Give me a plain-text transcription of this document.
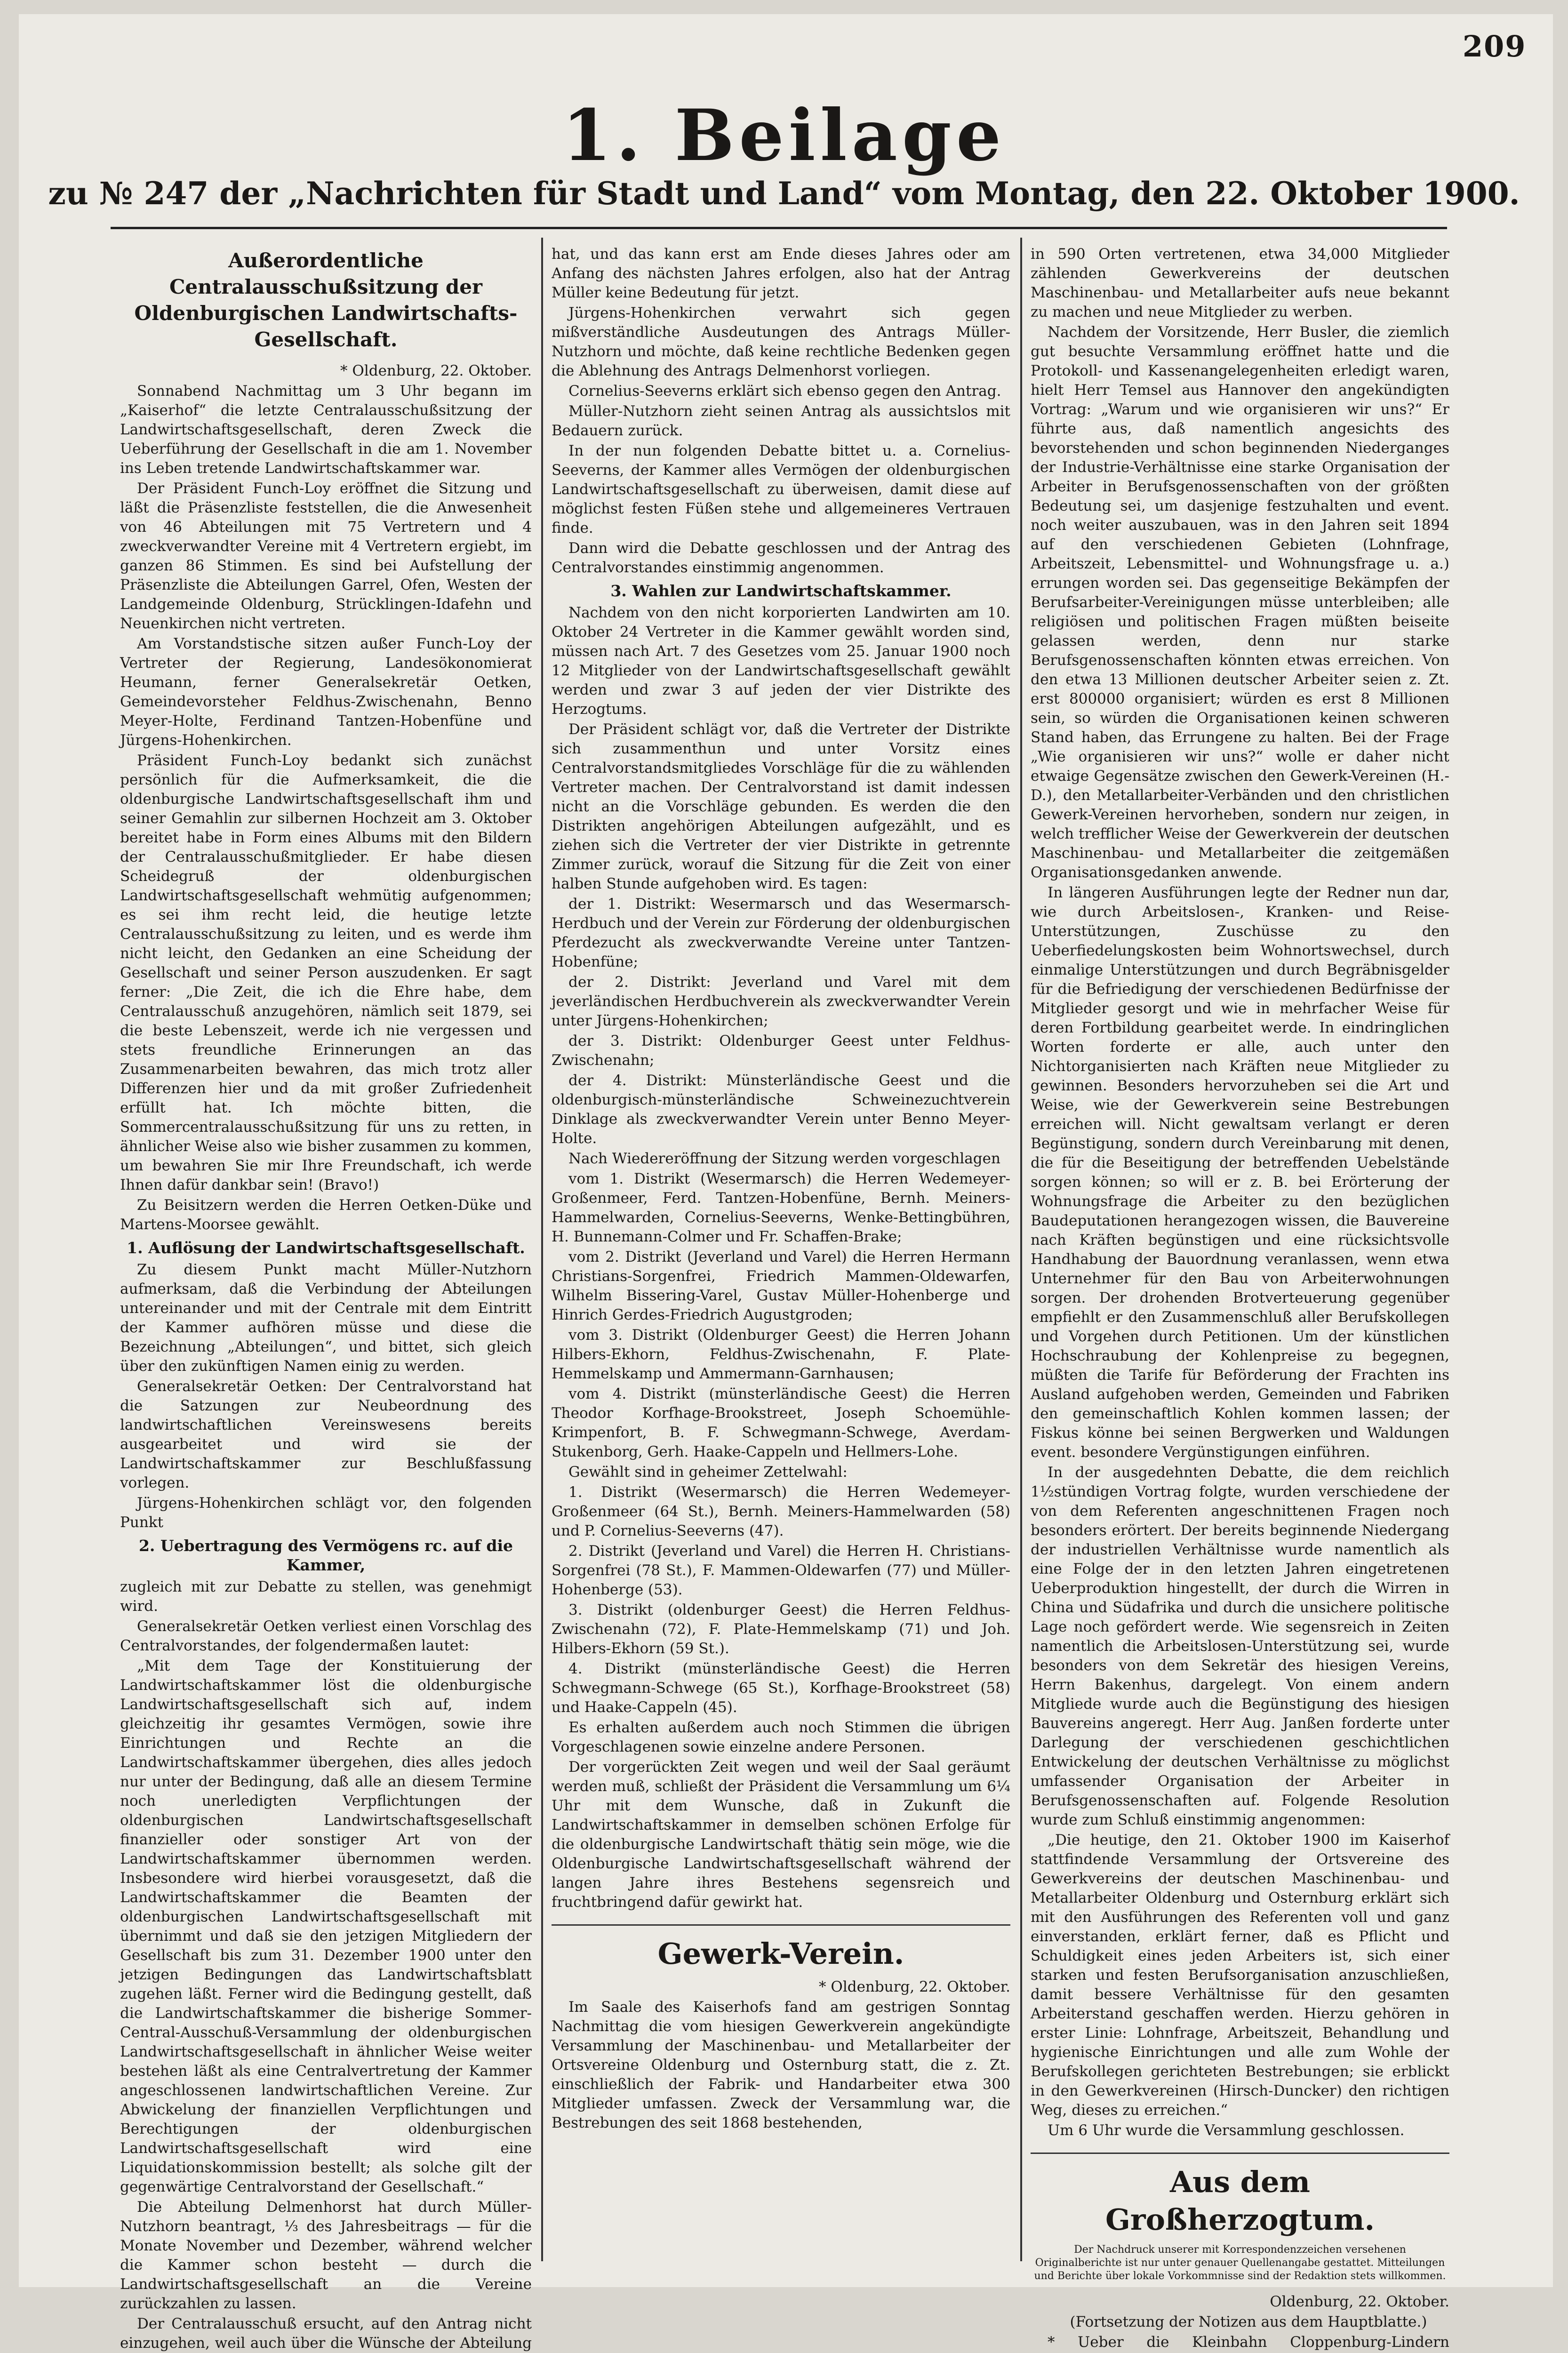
209
1. Beilage
zu № 247 der „Nachrichten für Stadt und Land“ vom Montag, den 22. Oktober 1900.
Außerordentliche Centralausschußsitzung der Oldenburgischen Landwirtschafts-Gesellschaft.

* Oldenburg, 22. Oktober.

Sonnabend Nachmittag um 3 Uhr begann im „Kaiserhof“ die letzte Centralausschußsitzung der Landwirtschaftsgesellschaft, deren Zweck die Ueberführung der Gesellschaft in die am 1. November ins Leben tretende Landwirtschaftskammer war.

Der Präsident Funch-Loy eröffnet die Sitzung und läßt die Präsenzliste feststellen, die die Anwesenheit von 46 Abteilungen mit 75 Vertretern und 4 zweckverwandter Vereine mit 4 Vertretern ergiebt, im ganzen 86 Stimmen. Es sind bei Aufstellung der Präsenzliste die Abteilungen Garrel, Ofen, Westen der Landgemeinde Oldenburg, Strücklingen-Idafehn und Neuenkirchen nicht vertreten.

Am Vorstandstische sitzen außer Funch-Loy der Vertreter der Regierung, Landesökonomierat Heumann, ferner Generalsekretär Oetken, Gemeindevorsteher Feldhus-Zwischenahn, Benno Meyer-Holte, Ferdinand Tantzen-Hobenfüne und Jürgens-Hohenkirchen.

Präsident Funch-Loy bedankt sich zunächst persönlich für die Aufmerksamkeit, die die oldenburgische Landwirtschaftsgesellschaft ihm und seiner Gemahlin zur silbernen Hochzeit am 3. Oktober bereitet habe in Form eines Albums mit den Bildern der Centralausschußmitglieder. Er habe diesen Scheidegruß der oldenburgischen Landwirtschaftsgesellschaft wehmütig aufgenommen; es sei ihm recht leid, die heutige letzte Centralausschußsitzung zu leiten, und es werde ihm nicht leicht, den Gedanken an eine Scheidung der Gesellschaft und seiner Person auszudenken. Er sagt ferner: „Die Zeit, die ich die Ehre habe, dem Centralausschuß anzugehören, nämlich seit 1879, sei die beste Lebenszeit, werde ich nie vergessen und stets freundliche Erinnerungen an das Zusammenarbeiten bewahren, das mich trotz aller Differenzen hier und da mit großer Zufriedenheit erfüllt hat. Ich möchte bitten, die Sommercentralausschußsitzung für uns zu retten, in ähnlicher Weise also wie bisher zusammen zu kommen, um bewahren Sie mir Ihre Freundschaft, ich werde Ihnen dafür dankbar sein! (Bravo!)

Zu Beisitzern werden die Herren Oetken-Düke und Martens-Moorsee gewählt.

1. Auflösung der Landwirtschaftsgesellschaft.

Zu diesem Punkt macht Müller-Nutzhorn aufmerksam, daß die Verbindung der Abteilungen untereinander und mit der Centrale mit dem Eintritt der Kammer aufhören müsse und diese die Bezeichnung „Abteilungen“, und bittet, sich gleich über den zukünftigen Namen einig zu werden.

Generalsekretär Oetken: Der Centralvorstand hat die Satzungen zur Neubeordnung des landwirtschaftlichen Vereinswesens bereits ausgearbeitet und wird sie der Landwirtschaftskammer zur Beschlußfassung vorlegen.

Jürgens-Hohenkirchen schlägt vor, den folgenden Punkt

2. Uebertragung des Vermögens rc. auf die Kammer,

zugleich mit zur Debatte zu stellen, was genehmigt wird.

Generalsekretär Oetken verliest einen Vorschlag des Centralvorstandes, der folgendermaßen lautet:

„Mit dem Tage der Konstituierung der Landwirtschaftskammer löst die oldenburgische Landwirtschaftsgesellschaft sich auf, indem gleichzeitig ihr gesamtes Vermögen, sowie ihre Einrichtungen und Rechte an die Landwirtschaftskammer übergehen, dies alles jedoch nur unter der Bedingung, daß alle an diesem Termine noch unerledigten Verpflichtungen der oldenburgischen Landwirtschaftsgesellschaft finanzieller oder sonstiger Art von der Landwirtschaftskammer übernommen werden. Insbesondere wird hierbei vorausgesetzt, daß die Landwirtschaftskammer die Beamten der oldenburgischen Landwirtschaftsgesellschaft mit übernimmt und daß sie den jetzigen Mitgliedern der Gesellschaft bis zum 31. Dezember 1900 unter den jetzigen Bedingungen das Landwirtschaftsblatt zugehen läßt. Ferner wird die Bedingung gestellt, daß die Landwirtschaftskammer die bisherige Sommer-Central-Ausschuß-Versammlung der oldenburgischen Landwirtschaftsgesellschaft in ähnlicher Weise weiter bestehen läßt als eine Centralvertretung der Kammer angeschlossenen landwirtschaftlichen Vereine. Zur Abwickelung der finanziellen Verpflichtungen und Berechtigungen der oldenburgischen Landwirtschaftsgesellschaft wird eine Liquidationskommission bestellt; als solche gilt der gegenwärtige Centralvorstand der Gesellschaft.“

Die Abteilung Delmenhorst hat durch Müller-Nutzhorn beantragt, ⅓ des Jahresbeitrags — für die Monate November und Dezember, während welcher die Kammer schon besteht — durch die Landwirtschaftsgesellschaft an die Vereine zurückzahlen zu lassen.

Der Centralausschuß ersucht, auf den Antrag nicht einzugehen, weil auch über die Wünsche der Abteilung

hat, und das kann erst am Ende dieses Jahres oder am Anfang des nächsten Jahres erfolgen, also hat der Antrag Müller keine Bedeutung für jetzt.

Jürgens-Hohenkirchen verwahrt sich gegen mißverständliche Ausdeutungen des Antrags Müller-Nutzhorn und möchte, daß keine rechtliche Bedenken gegen die Ablehnung des Antrags Delmenhorst vorliegen.

Cornelius-Seeverns erklärt sich ebenso gegen den Antrag.

Müller-Nutzhorn zieht seinen Antrag als aussichtslos mit Bedauern zurück.

In der nun folgenden Debatte bittet u. a. Cornelius-Seeverns, der Kammer alles Vermögen der oldenburgischen Landwirtschaftsgesellschaft zu überweisen, damit diese auf möglichst festen Füßen stehe und allgemeineres Vertrauen finde.

Dann wird die Debatte geschlossen und der Antrag des Centralvorstandes einstimmig angenommen.

3. Wahlen zur Landwirtschaftskammer.

Nachdem von den nicht korporierten Landwirten am 10. Oktober 24 Vertreter in die Kammer gewählt worden sind, müssen nach Art. 7 des Gesetzes vom 25. Januar 1900 noch 12 Mitglieder von der Landwirtschaftsgesellschaft gewählt werden und zwar 3 auf jeden der vier Distrikte des Herzogtums.

Der Präsident schlägt vor, daß die Vertreter der Distrikte sich zusammenthun und unter Vorsitz eines Centralvorstandsmitgliedes Vorschläge für die zu wählenden Vertreter machen. Der Centralvorstand ist damit indessen nicht an die Vorschläge gebunden. Es werden die den Distrikten angehörigen Abteilungen aufgezählt, und es ziehen sich die Vertreter der vier Distrikte in getrennte Zimmer zurück, worauf die Sitzung für die Zeit von einer halben Stunde aufgehoben wird. Es tagen:

der 1. Distrikt: Wesermarsch und das Wesermarsch-Herdbuch und der Verein zur Förderung der oldenburgischen Pferdezucht als zweckverwandte Vereine unter Tantzen-Hobenfüne;

der 2. Distrikt: Jeverland und Varel mit dem jeverländischen Herdbuchverein als zweckverwandter Verein unter Jürgens-Hohenkirchen;

der 3. Distrikt: Oldenburger Geest unter Feldhus-Zwischenahn;

der 4. Distrikt: Münsterländische Geest und die oldenburgisch-münsterländische Schweinezuchtverein Dinklage als zweckverwandter Verein unter Benno Meyer-Holte.

Nach Wiedereröffnung der Sitzung werden vorgeschlagen

vom 1. Distrikt (Wesermarsch) die Herren Wedemeyer-Großenmeer, Ferd. Tantzen-Hobenfüne, Bernh. Meiners-Hammelwarden, Cornelius-Seeverns, Wenke-Bettingbühren, H. Bunnemann-Colmer und Fr. Schaffen-Brake;

vom 2. Distrikt (Jeverland und Varel) die Herren Hermann Christians-Sorgenfrei, Friedrich Mammen-Oldewarfen, Wilhelm Bissering-Varel, Gustav Müller-Hohenberge und Hinrich Gerdes-Friedrich Augustgroden;

vom 3. Distrikt (Oldenburger Geest) die Herren Johann Hilbers-Ekhorn, Feldhus-Zwischenahn, F. Plate-Hemmelskamp und Ammermann-Garnhausen;

vom 4. Distrikt (münsterländische Geest) die Herren Theodor Korfhage-Brookstreet, Joseph Schoemühle-Krimpenfort, B. F. Schwegmann-Schwege, Averdam-Stukenborg, Gerh. Haake-Cappeln und Hellmers-Lohe.

Gewählt sind in geheimer Zettelwahl:

1. Distrikt (Wesermarsch) die Herren Wedemeyer-Großenmeer (64 St.), Bernh. Meiners-Hammelwarden (58) und P. Cornelius-Seeverns (47).

2. Distrikt (Jeverland und Varel) die Herren H. Christians-Sorgenfrei (78 St.), F. Mammen-Oldewarfen (77) und Müller-Hohenberge (53).

3. Distrikt (oldenburger Geest) die Herren Feldhus-Zwischenahn (72), F. Plate-Hemmelskamp (71) und Joh. Hilbers-Ekhorn (59 St.).

4. Distrikt (münsterländische Geest) die Herren Schwegmann-Schwege (65 St.), Korfhage-Brookstreet (58) und Haake-Cappeln (45).

Es erhalten außerdem auch noch Stimmen die übrigen Vorgeschlagenen sowie einzelne andere Personen.

Der vorgerückten Zeit wegen und weil der Saal geräumt werden muß, schließt der Präsident die Versammlung um 6¼ Uhr mit dem Wunsche, daß in Zukunft die Landwirtschaftskammer in demselben schönen Erfolge für die oldenburgische Landwirtschaft thätig sein möge, wie die Oldenburgische Landwirtschaftsgesellschaft während der langen Jahre ihres Bestehens segensreich und fruchtbringend dafür gewirkt hat.

Gewerk-Verein.

* Oldenburg, 22. Oktober.

Im Saale des Kaiserhofs fand am gestrigen Sonntag Nachmittag die vom hiesigen Gewerkverein angekündigte Versammlung der Maschinenbau- und Metallarbeiter der Ortsvereine Oldenburg und Osternburg statt, die z. Zt. einschließlich der Fabrik- und Handarbeiter etwa 300 Mitglieder umfassen. Zweck der Versammlung war, die Bestrebungen des seit 1868 bestehenden,

in 590 Orten vertretenen, etwa 34,000 Mitglieder zählenden Gewerkvereins der deutschen Maschinenbau- und Metallarbeiter aufs neue bekannt zu machen und neue Mitglieder zu werben.

Nachdem der Vorsitzende, Herr Busler, die ziemlich gut besuchte Versammlung eröffnet hatte und die Protokoll- und Kassenangelegenheiten erledigt waren, hielt Herr Temsel aus Hannover den angekündigten Vortrag: „Warum und wie organisieren wir uns?“ Er führte aus, daß namentlich angesichts des bevorstehenden und schon beginnenden Niederganges der Industrie-Verhältnisse eine starke Organisation der Arbeiter in Berufsgenossenschaften von der größten Bedeutung sei, um dasjenige festzuhalten und event. noch weiter auszubauen, was in den Jahren seit 1894 auf den verschiedenen Gebieten (Lohnfrage, Arbeitszeit, Lebensmittel- und Wohnungsfrage u. a.) errungen worden sei. Das gegenseitige Bekämpfen der Berufsarbeiter-Vereinigungen müsse unterbleiben; alle religiösen und politischen Fragen müßten beiseite gelassen werden, denn nur starke Berufsgenossenschaften könnten etwas erreichen. Von den etwa 13 Millionen deutscher Arbeiter seien z. Zt. erst 800000 organisiert; würden es erst 8 Millionen sein, so würden die Organisationen keinen schweren Stand haben, das Errungene zu halten. Bei der Frage „Wie organisieren wir uns?“ wolle er daher nicht etwaige Gegensätze zwischen den Gewerk-Vereinen (H.-D.), den Metallarbeiter-Verbänden und den christlichen Gewerk-Vereinen hervorheben, sondern nur zeigen, in welch trefflicher Weise der Gewerkverein der deutschen Maschinenbau- und Metallarbeiter die zeitgemäßen Organisationsgedanken anwende.

In längeren Ausführungen legte der Redner nun dar, wie durch Arbeitslosen-, Kranken- und Reise-Unterstützungen, Zuschüsse zu den Ueberfiedelungskosten beim Wohnortswechsel, durch einmalige Unterstützungen und durch Begräbnisgelder für die Befriedigung der verschiedenen Bedürfnisse der Mitglieder gesorgt und wie in mehrfacher Weise für deren Fortbildung gearbeitet werde. In eindringlichen Worten forderte er alle, auch unter den Nichtorganisierten nach Kräften neue Mitglieder zu gewinnen. Besonders hervorzuheben sei die Art und Weise, wie der Gewerkverein seine Bestrebungen erreichen will. Nicht gewaltsam verlangt er deren Begünstigung, sondern durch Vereinbarung mit denen, die für die Beseitigung der betreffenden Uebelstände sorgen können; so will er z. B. bei Erörterung der Wohnungsfrage die Arbeiter zu den bezüglichen Baudeputationen herangezogen wissen, die Bauvereine nach Kräften begünstigen und eine rücksichtsvolle Handhabung der Bauordnung veranlassen, wenn etwa Unternehmer für den Bau von Arbeiterwohnungen sorgen. Der drohenden Brotverteuerung gegenüber empfiehlt er den Zusammenschluß aller Berufskollegen und Vorgehen durch Petitionen. Um der künstlichen Hochschraubung der Kohlenpreise zu begegnen, müßten die Tarife für Beförderung der Frachten ins Ausland aufgehoben werden, Gemeinden und Fabriken den gemeinschaftlich Kohlen kommen lassen; der Fiskus könne bei seinen Bergwerken und Waldungen event. besondere Vergünstigungen einführen.

In der ausgedehnten Debatte, die dem reichlich 1½stündigen Vortrag folgte, wurden verschiedene der von dem Referenten angeschnittenen Fragen noch besonders erörtert. Der bereits beginnende Niedergang der industriellen Verhältnisse wurde namentlich als eine Folge der in den letzten Jahren eingetretenen Ueberproduktion hingestellt, der durch die Wirren in China und Südafrika und durch die unsichere politische Lage noch gefördert werde. Wie segensreich in Zeiten namentlich die Arbeitslosen-Unterstützung sei, wurde besonders von dem Sekretär des hiesigen Vereins, Herrn Bakenhus, dargelegt. Von einem andern Mitgliede wurde auch die Begünstigung des hiesigen Bauvereins angeregt. Herr Aug. Janßen forderte unter Darlegung der verschiedenen geschichtlichen Entwickelung der deutschen Verhältnisse zu möglichst umfassender Organisation der Arbeiter in Berufsgenossenschaften auf. Folgende Resolution wurde zum Schluß einstimmig angenommen:

„Die heutige, den 21. Oktober 1900 im Kaiserhof stattfindende Versammlung der Ortsvereine des Gewerkvereins der deutschen Maschinenbau- und Metallarbeiter Oldenburg und Osternburg erklärt sich mit den Ausführungen des Referenten voll und ganz einverstanden, erklärt ferner, daß es Pflicht und Schuldigkeit eines jeden Arbeiters ist, sich einer starken und festen Berufsorganisation anzuschließen, damit bessere Verhältnisse für den gesamten Arbeiterstand geschaffen werden. Hierzu gehören in erster Linie: Lohnfrage, Arbeitszeit, Behandlung und hygienische Einrichtungen und alle zum Wohle der Berufskollegen gerichteten Bestrebungen; sie erblickt in den Gewerkvereinen (Hirsch-Duncker) den richtigen Weg, dieses zu erreichen.“

Um 6 Uhr wurde die Versammlung geschlossen.

Aus dem Großherzogtum.
Der Nachdruck unserer mit Korrespondenzzeichen versehenen Originalberichte ist nur unter genauer Quellenangabe gestattet. Mitteilungen und Berichte über lokale Vorkommnisse sind der Redaktion stets willkommen.

Oldenburg, 22. Oktober.

(Fortsetzung der Notizen aus dem Hauptblatte.)

* Ueber die Kleinbahn Cloppenburg-Lindern
